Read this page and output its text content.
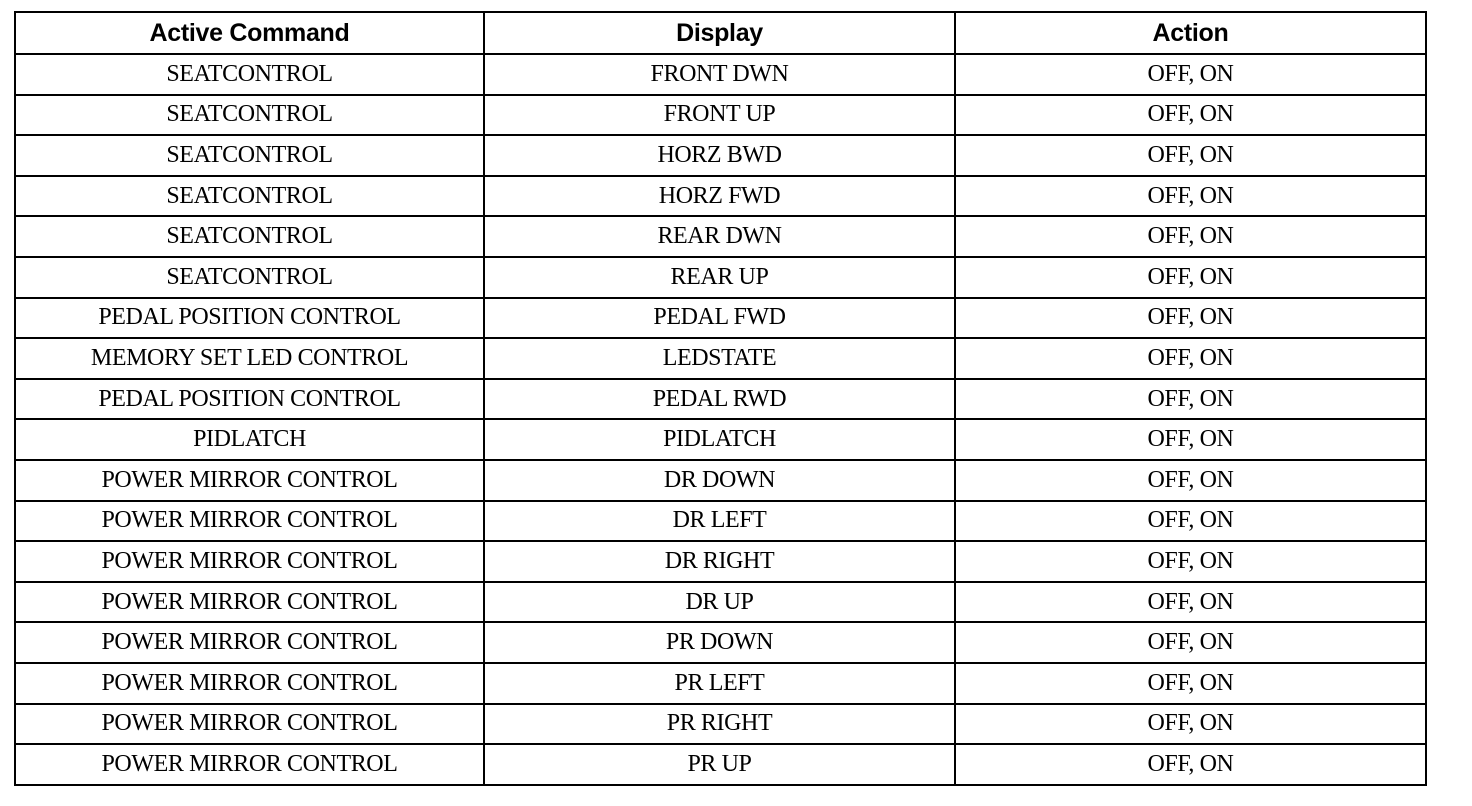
Active Command	Display	Action
SEATCONTROL	FRONT DWN	OFF, ON
SEATCONTROL	FRONT UP	OFF, ON
SEATCONTROL	HORZ BWD	OFF, ON
SEATCONTROL	HORZ FWD	OFF, ON
SEATCONTROL	REAR DWN	OFF, ON
SEATCONTROL	REAR UP	OFF, ON
PEDAL POSITION CONTROL	PEDAL FWD	OFF, ON
MEMORY SET LED CONTROL	LEDSTATE	OFF, ON
PEDAL POSITION CONTROL	PEDAL RWD	OFF, ON
PIDLATCH	PIDLATCH	OFF, ON
POWER MIRROR CONTROL	DR DOWN	OFF, ON
POWER MIRROR CONTROL	DR LEFT	OFF, ON
POWER MIRROR CONTROL	DR RIGHT	OFF, ON
POWER MIRROR CONTROL	DR UP	OFF, ON
POWER MIRROR CONTROL	PR DOWN	OFF, ON
POWER MIRROR CONTROL	PR LEFT	OFF, ON
POWER MIRROR CONTROL	PR RIGHT	OFF, ON
POWER MIRROR CONTROL	PR UP	OFF, ON
